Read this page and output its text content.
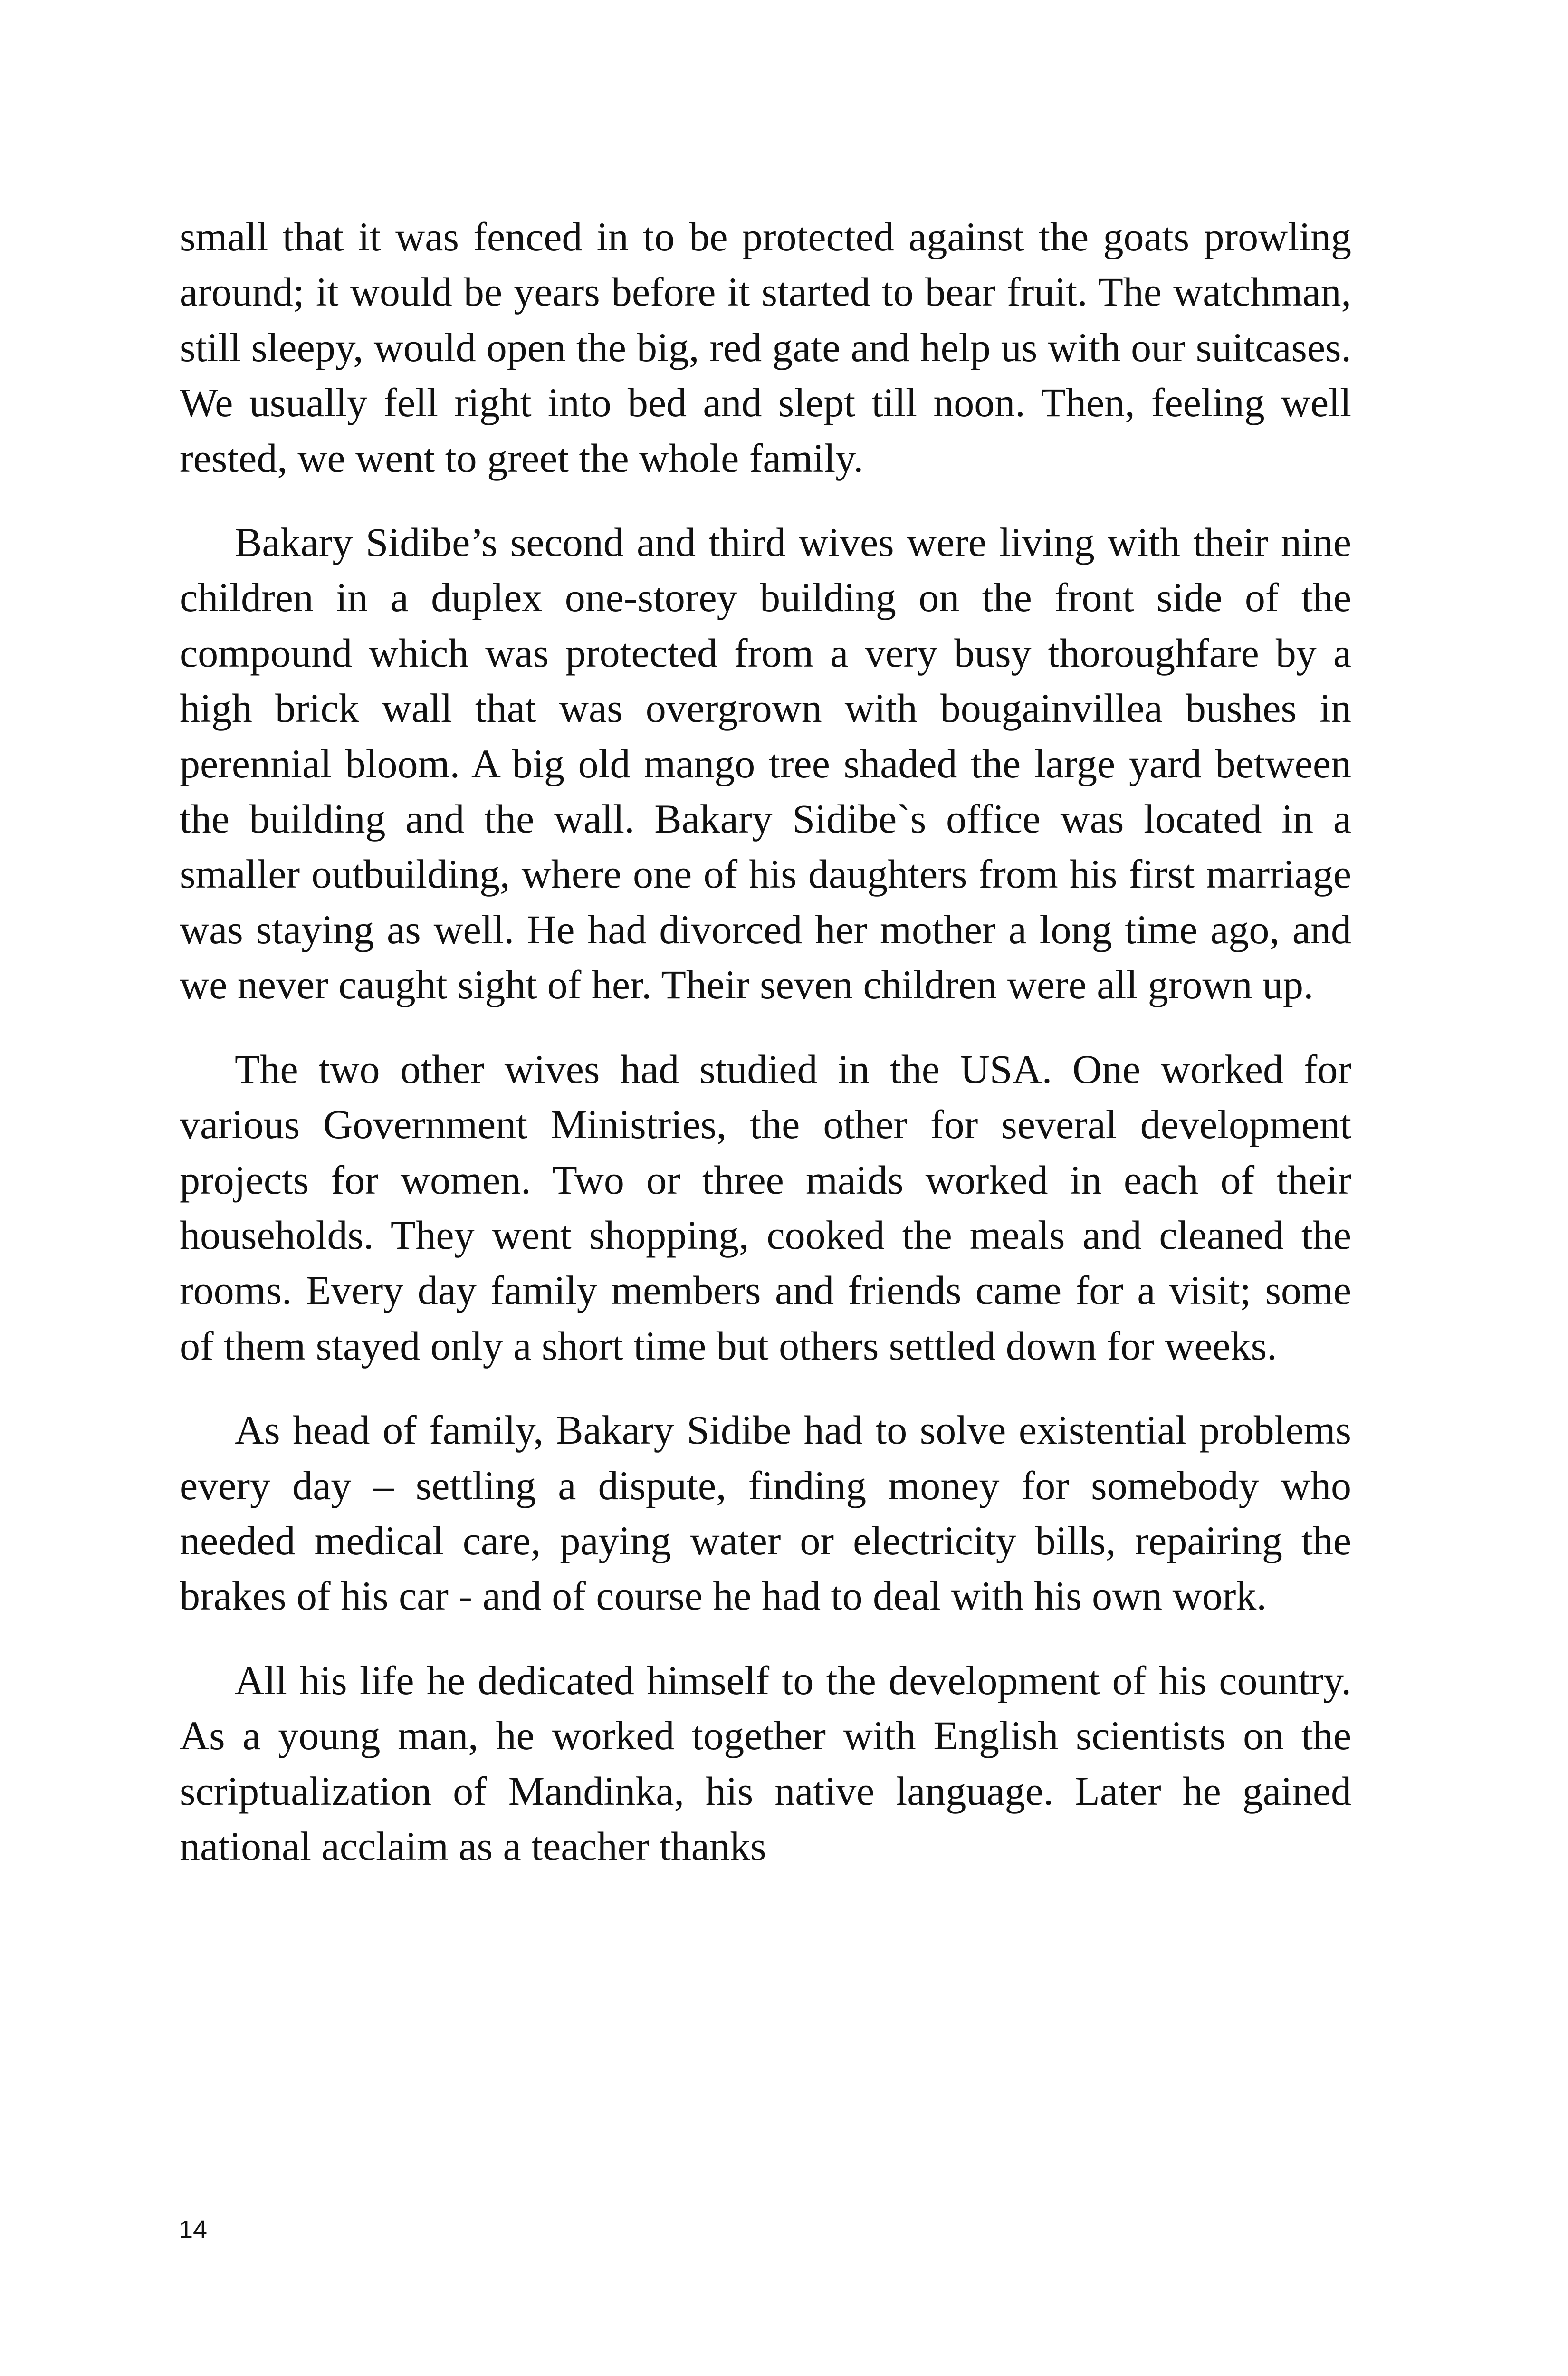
small that it was fenced in to be protected against the goats prowling around; it would be years before it started to bear fruit. The watchman, still sleepy, would open the big, red gate and help us with our suitcases. We usually fell right into bed and slept till noon. Then, feeling well rested, we went to greet the whole family.

Bakary Sidibe’s second and third wives were living with their nine children in a duplex one-storey building on the front side of the compound which was protected from a very busy thoroughfare by a high brick wall that was overgrown with bougainvillea bushes in perennial bloom. A big old mango tree shaded the large yard between the building and the wall. Bakary Sidibe`s office was located in a smaller outbuilding, where one of his daughters from his first marriage was staying as well. He had divorced her mother a long time ago, and we never caught sight of her. Their seven children were all grown up.

The two other wives had studied in the USA. One worked for various Government Ministries, the other for several development projects for women. Two or three maids worked in each of their households. They went shopping, cooked the meals and cleaned the rooms. Every day family members and friends came for a visit; some of them stayed only a short time but others settled down for weeks.

As head of family, Bakary Sidibe had to solve existential problems every day – settling a dispute, finding money for somebody who needed medical care, paying water or electricity bills, repairing the brakes of his car - and of course he had to deal with his own work.

All his life he dedicated himself to the development of his country. As a young man, he worked together with English scientists on the scriptualization of Mandinka, his native language. Later he gained national acclaim as a teacher thanks

14
